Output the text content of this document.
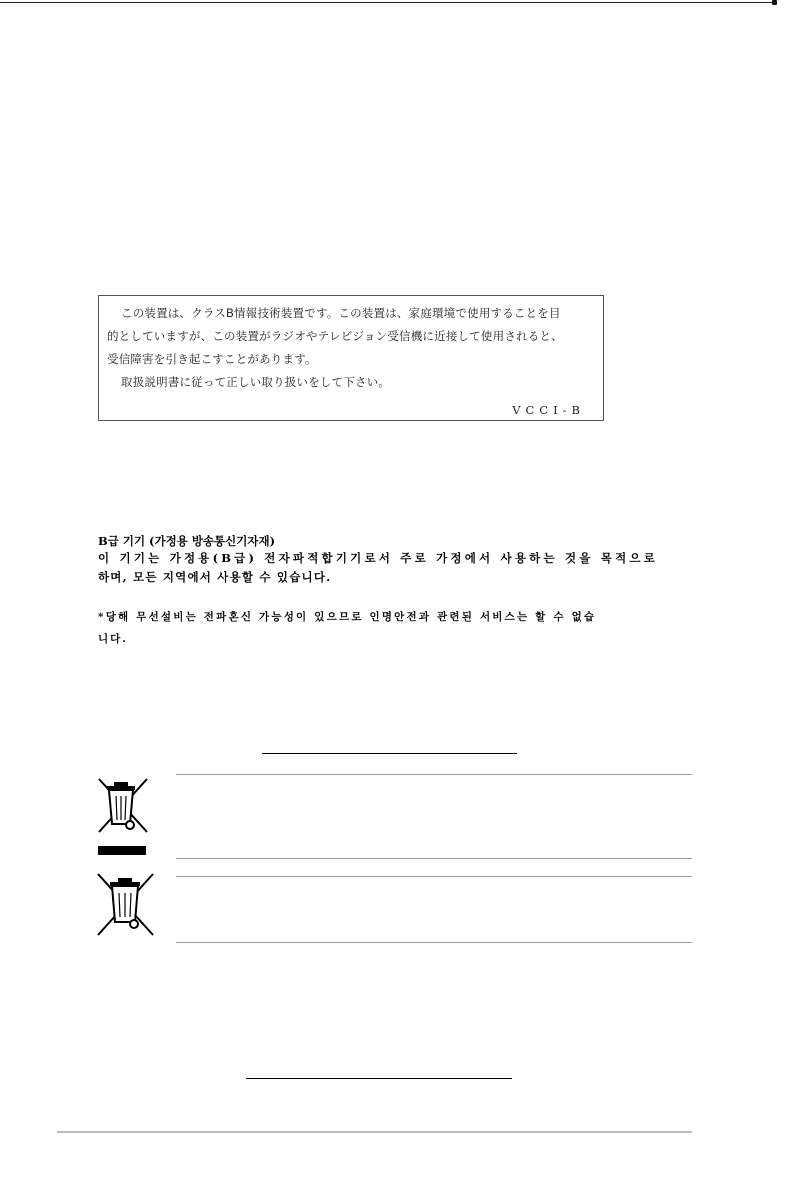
この装置は、クラスB情報技術装置です。この装置は、家庭環境で使用することを目
的としていますが、この装置がラジオやテレビジョン受信機に近接して使用されると、
受信障害を引き起こすことがあります。
取扱説明書に従って正しい取り扱いをして下さい。
VCCI-B
B급 기기 (가정용 방송통신기자재)
이 기기는 가정용(B급) 전자파적합기기로서 주로 가정에서 사용하는 것을 목적으로
하며, 모든 지역에서 사용할 수 있습니다.
*당해 무선설비는 전파혼신 가능성이 있으므로 인명안전과 관련된 서비스는 할 수 없습
니다.
